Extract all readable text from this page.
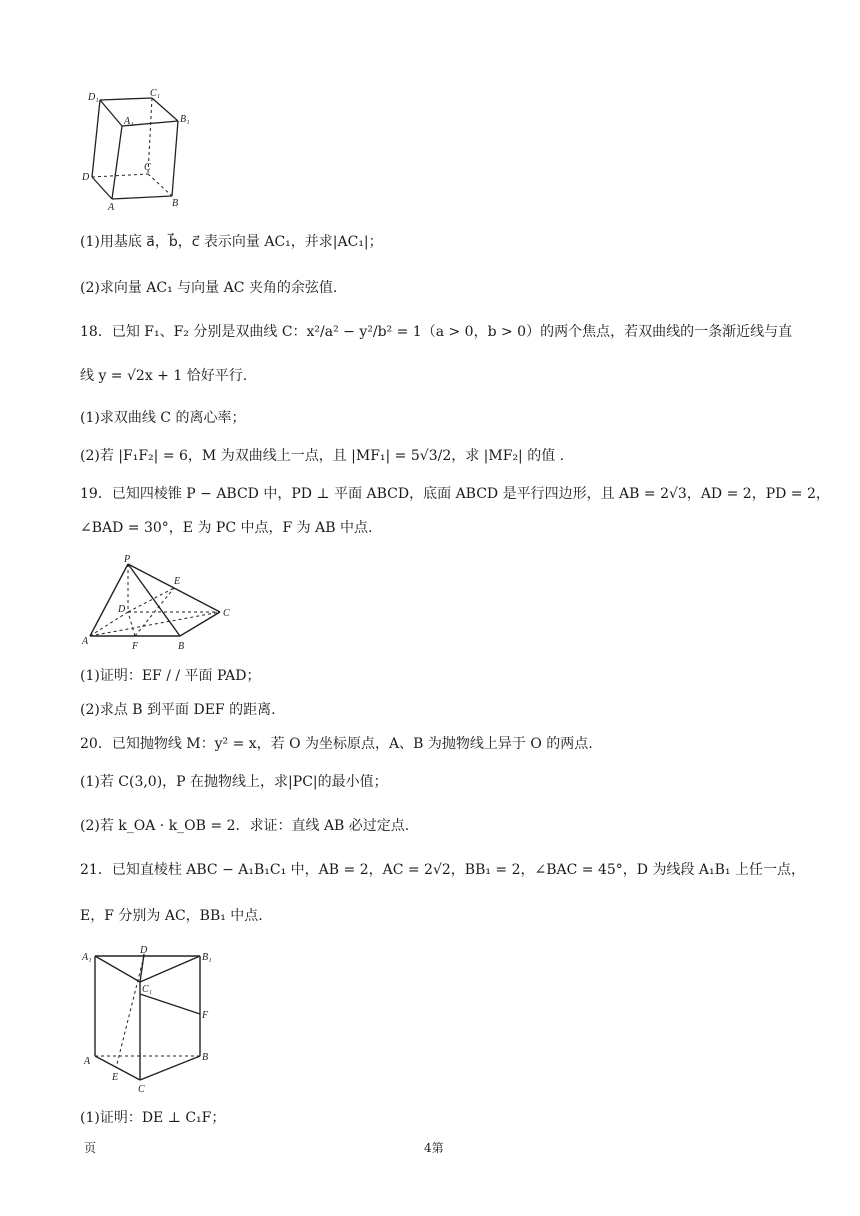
D₁	C₁
A₁	B₁
D
C
A	B
(1)用基底 a⃗，b⃗，c⃗ 表示向量 AC₁，并求|AC₁|；
(2)求向量 AC₁ 与向量 AC 夹角的余弦值.
18．已知 F₁、F₂ 分别是双曲线 C：x²/a² − y²/b² = 1（a > 0，b > 0）的两个焦点，若双曲线的一条渐近线与直
线 y = √2x + 1 恰好平行.
(1)求双曲线 C 的离心率；
(2)若 |F₁F₂| = 6，M 为双曲线上一点，且 |MF₁| = 5√3/2，求 |MF₂| 的值 .
19．已知四棱锥 P − ABCD 中，PD ⊥ 平面 ABCD，底面 ABCD 是平行四边形，且 AB = 2√3，AD = 2，PD = 2，
∠BAD = 30°，E 为 PC 中点，F 为 AB 中点.
P
E
D	C
A	F	B
(1)证明：EF / / 平面 PAD；
(2)求点 B 到平面 DEF 的距离.
20．已知抛物线 M：y² = x，若 O 为坐标原点，A、B 为抛物线上异于 O 的两点.
(1)若 C(3,0)，P 在抛物线上，求|PC|的最小值；
(2)若 k_OA · k_OB = 2．求证：直线 AB 必过定点.
21．已知直棱柱 ABC − A₁B₁C₁ 中，AB = 2，AC = 2√2，BB₁ = 2，∠BAC = 45°，D 为线段 A₁B₁ 上任一点，
E，F 分别为 AC，BB₁ 中点.
A₁
D
B₁
C₁
F
A	B
E
C
(1)证明：DE ⊥ C₁F；
页	4第
